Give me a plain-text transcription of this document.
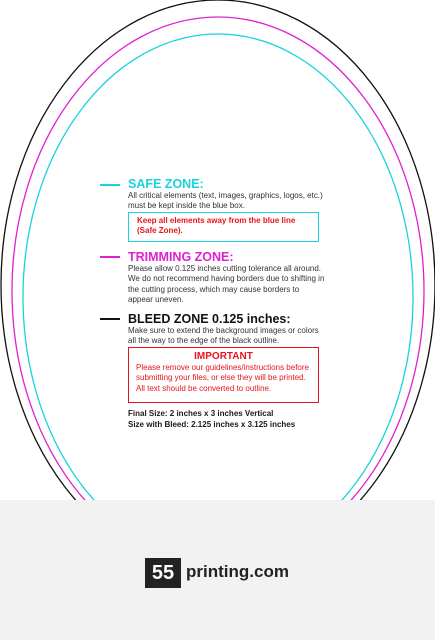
SAFE ZONE:
All critical elements (text, images, graphics, logos, etc.)
must be kept inside the blue box.
Keep all elements away from the blue line
(Safe Zone).
TRIMMING ZONE:
Please allow 0.125 inches cutting tolerance all around.
We do not recommend having borders due to shifting in
the cutting process, which may cause borders to
appear uneven.
BLEED ZONE 0.125 inches:
Make sure to extend the background images or colors
all the way to the edge of the black outline.
IMPORTANT
Please remove our guidelines/instructions before
submitting your files, or else they will be printed.
All text should be converted to outline.
Final Size: 2 inches x 3 inches Vertical
Size with Bleed: 2.125 inches x 3.125 inches
55 printing.com
